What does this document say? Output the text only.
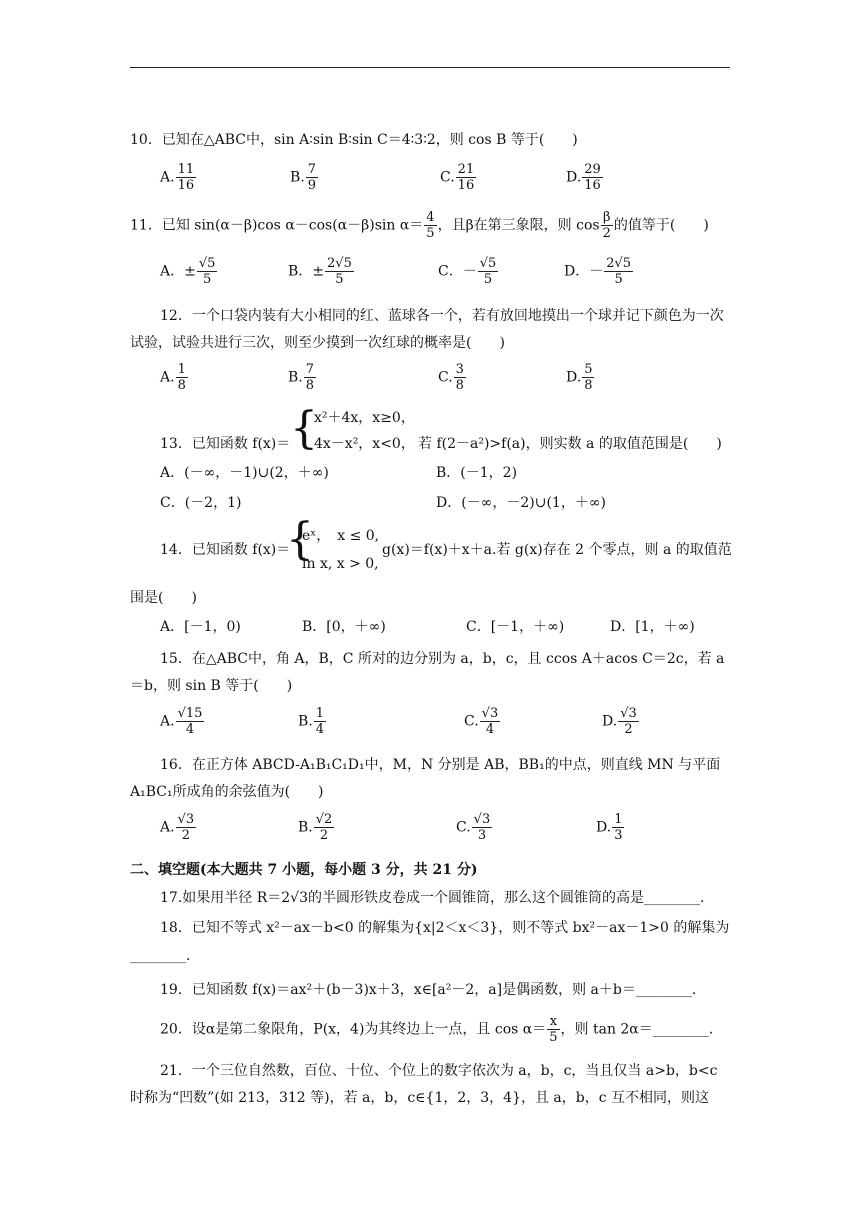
10．已知在△ABC中，sin A∶sin B∶sin C＝4∶3∶2，则 cos B 等于(　　)
A. $\frac{11}{16}$	B. $\frac{7}{9}$	C. $\frac{21}{16}$	D. $\frac{29}{16}$
11．已知 sin(α－β)cos α－cos(α－β)sin $\alpha= \frac{4}{5}$ ，且β在第三象限，则 $\cos \frac{\beta}{2}$ 的值等于(　　)
A．± $\frac{√5}{5}$	B．± $\frac{2√5}{5}$	C．－ $\frac{√5}{5}$	D．－ $\frac{2√5}{5}$
12．一个口袋内装有大小相同的红、蓝球各一个，若有放回地摸出一个球并记下颜色为一次试验，试验共进行三次，则至少摸到一次红球的概率是(　　)
A. $\frac{1}{8}$	B. $\frac{7}{8}$	C. $\frac{3}{8}$	D. $\frac{5}{8}$
13．已知函数 f(x)＝ {
x²＋4x，x≥0，
4x－x²，x<0， 若 f(2－a²)>f(a)，则实数 a 的取值范围是(　　)
A．(－∞，－1)∪(2，＋∞)	B．(－1，2)
C．(－2，1)	D．(－∞，－2)∪(1，＋∞)
14．已知函数 f(x)＝
{
eˣ，　x ≤ 0,
ln x, x > 0,
g(x)＝f(x)＋x＋a.若 g(x)存在 2 个零点，则 a 的取值范
围是(　　)
A．[－1，0)	B．[0，＋∞)	C．[－1，＋∞)	D．[1，＋∞)
15．在△ABC中，角 A，B，C 所对的边分别为 a，b，c，且 ccos A＋acos C＝2c，若 a＝b，则 sin B 等于(　　)
A. $\frac{√15}{4}$	B. $\frac{1}{4}$	C. $\frac{√3}{4}$	D. $\frac{√3}{2}$
16．在正方体 ABCD-A₁B₁C₁D₁中，M，N 分别是 AB，BB₁的中点，则直线 MN 与平面 A₁BC₁所成角的余弦值为(　　)
A. $\frac{√3}{2}$	B. $\frac{√2}{2}$	C. $\frac{√3}{3}$	D. $\frac{1}{3}$
二、填空题(本大题共 7 小题，每小题 3 分，共 21 分)
17.如果用半径 R＝2√3的半圆形铁皮卷成一个圆锥筒，那么这个圆锥筒的高是________.
18．已知不等式 x²－ax－b<0 的解集为{x|2＜x＜3}，则不等式 bx²－ax－1>0 的解集为
________.
19．已知函数 f(x)＝ax²＋(b－3)x＋3，x∈[a²－2，a]是偶函数，则 a＋b＝________.
20．设α是第二象限角，P(x，4)为其终边上一点，且 $\cos \alpha= \frac{x}{5}$ ，则 tan 2α＝________.
21．一个三位自然数，百位、十位、个位上的数字依次为 a，b，c，当且仅当 a>b，b<c 时称为“凹数”(如 213，312 等)，若 a，b，c∈{1，2，3，4}，且 a，b，c 互不相同，则这
